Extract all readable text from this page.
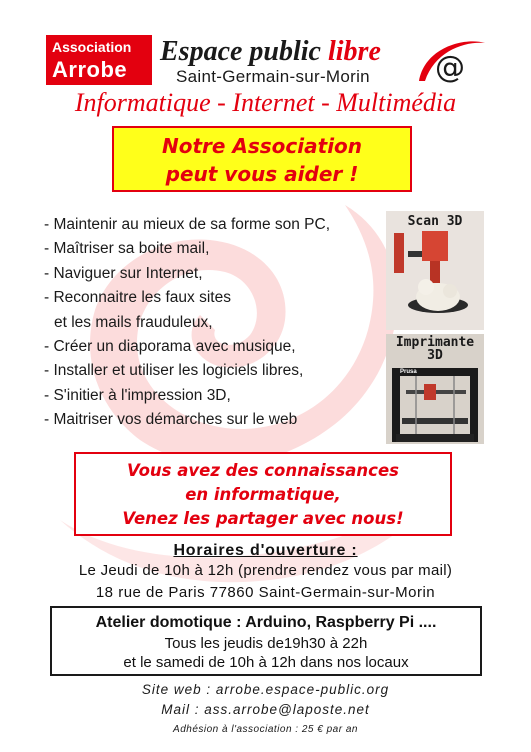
Association
Arrobe
Espace public libre
Saint-Germain-sur-Morin @
Informatique - Internet - Multimédia
Notre Association
peut vous aider !
- Maintenir au mieux de sa forme son PC,
- Maîtriser sa boite mail,
- Naviguer sur Internet,
- Reconnaitre les faux sites
et les mails frauduleux,
- Créer un diaporama avec musique,
- Installer et utiliser les logiciels libres,
- S'initier à l'impression 3D,
- Maitriser vos démarches sur le web
Scan 3D
Imprimante
3D
Prusa
Vous avez des connaissances
en informatique,
Venez les partager avec nous!
Horaires d'ouverture :
Le Jeudi de 10h à 12h (prendre rendez vous par mail)
18 rue de Paris 77860 Saint-Germain-sur-Morin
Atelier domotique : Arduino, Raspberry Pi ....
Tous les jeudis de19h30 à 22h
et le samedi de 10h à 12h dans nos locaux
Site web : arrobe.espace-public.org
Mail : ass.arrobe@laposte.net
Adhésion à l'association : 25 € par an
